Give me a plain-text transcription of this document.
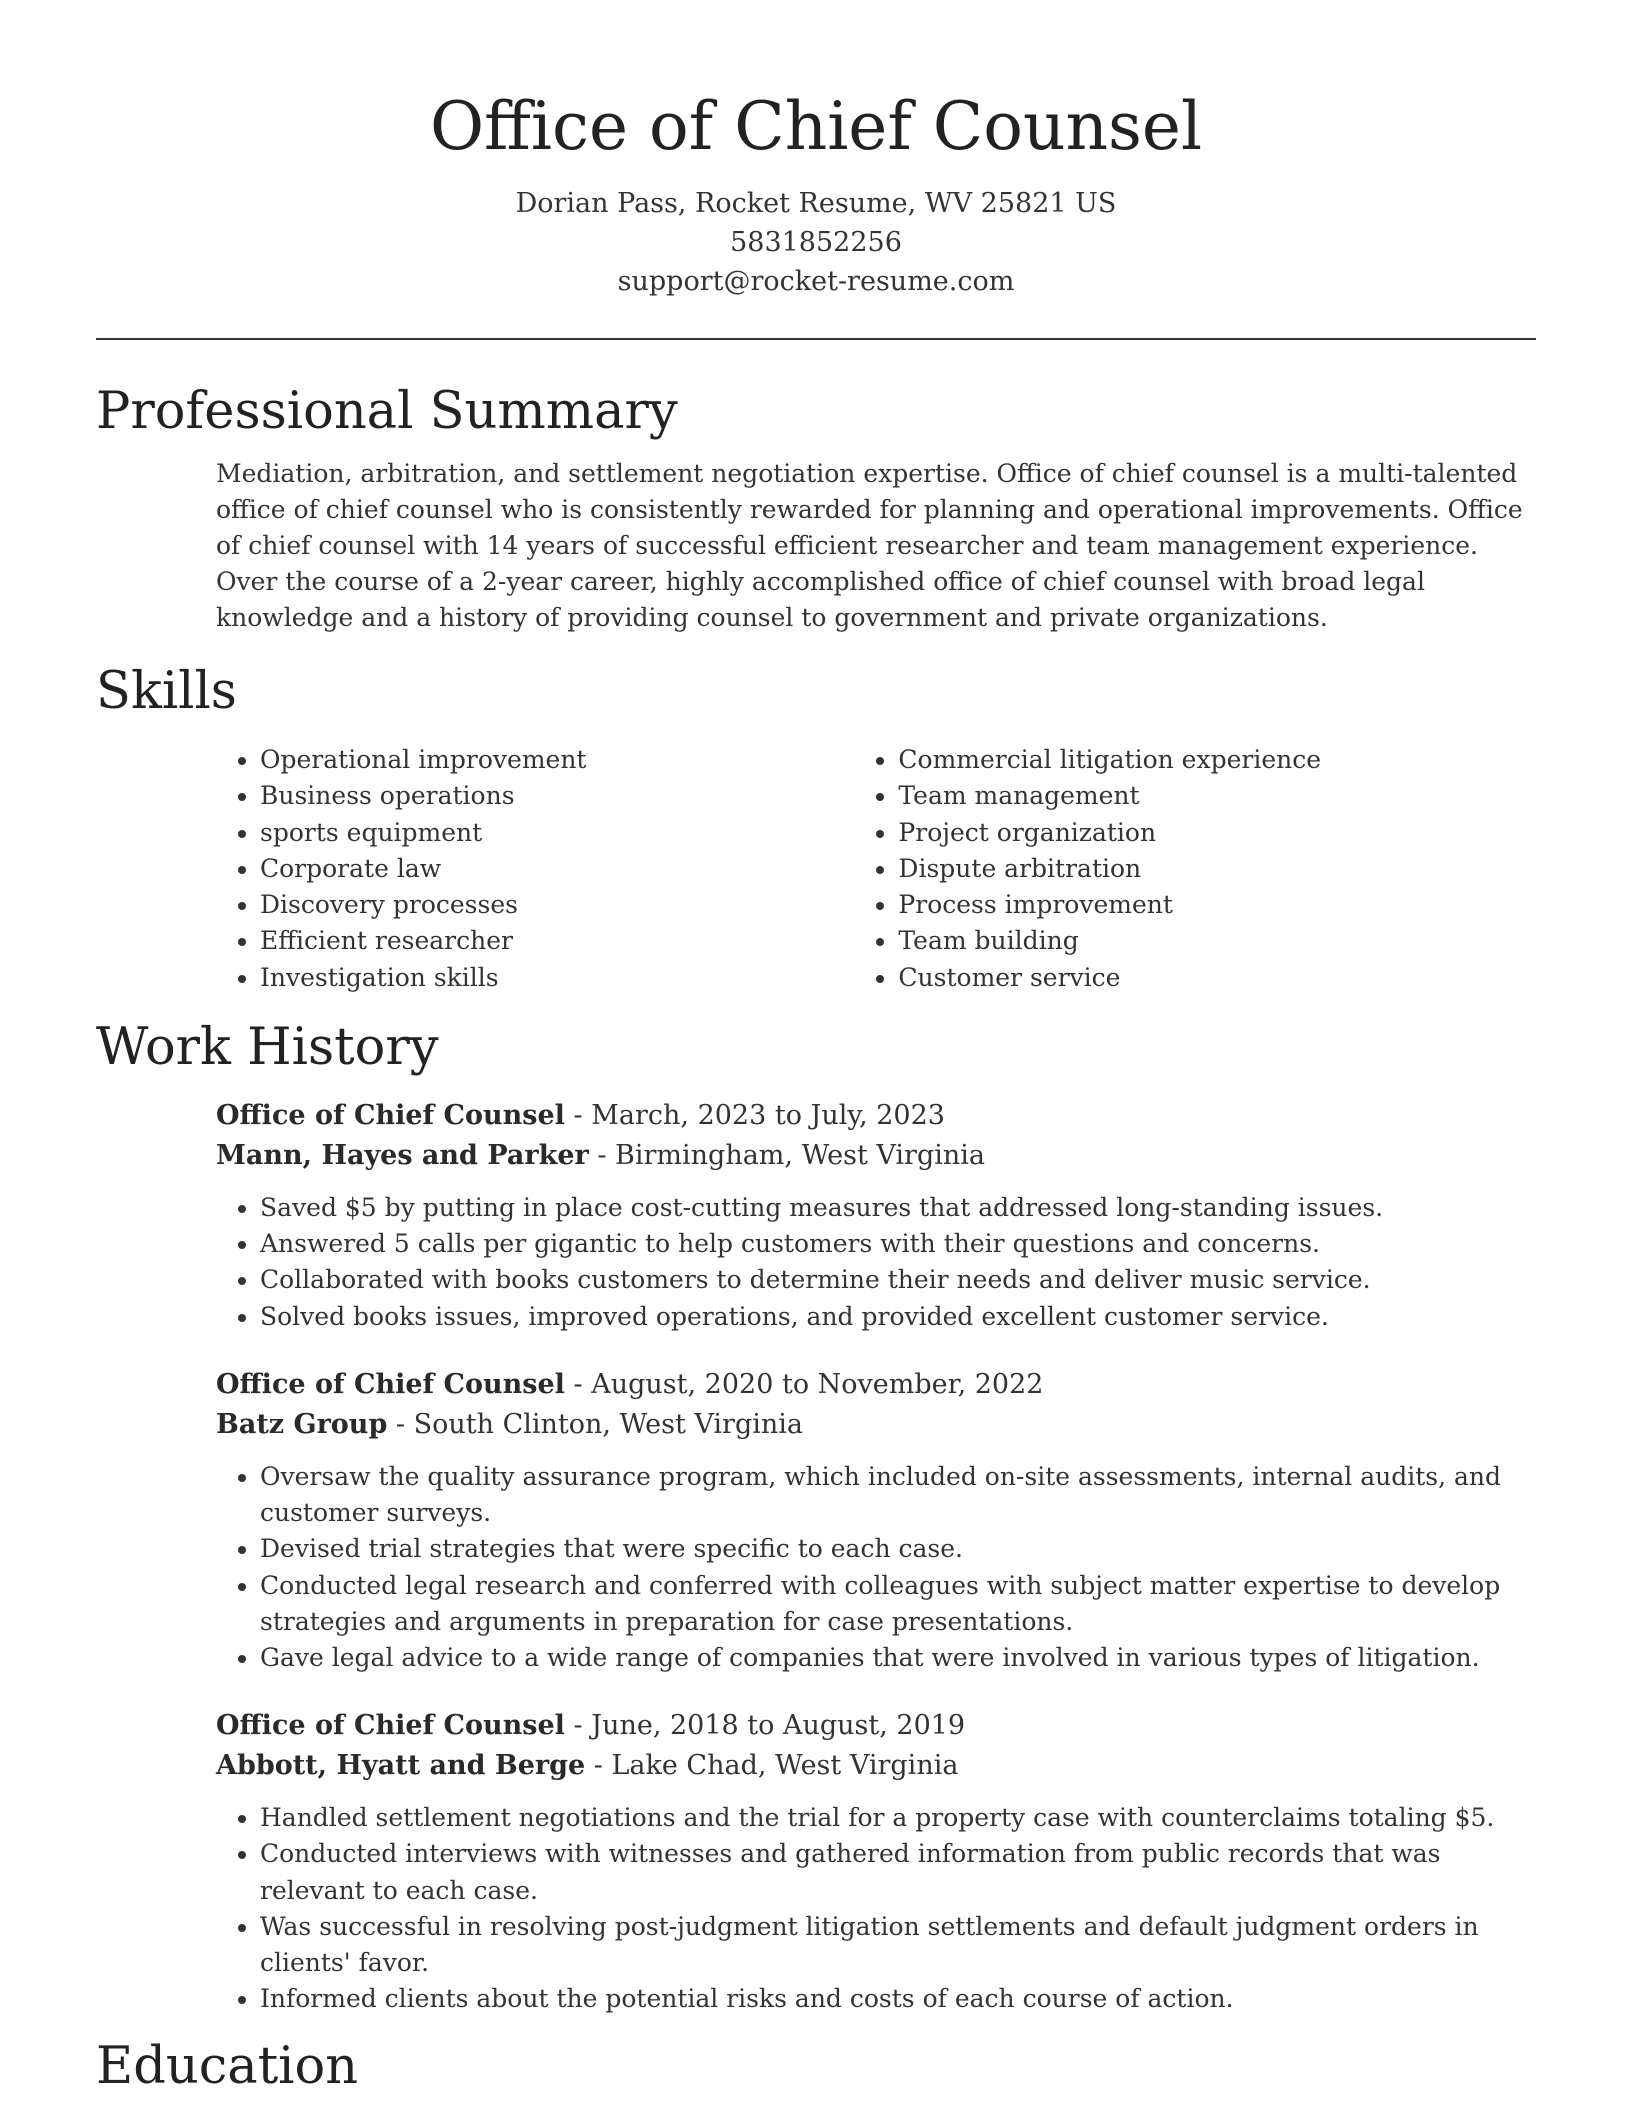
Office of Chief Counsel
Dorian Pass, Rocket Resume, WV 25821 US
5831852256
support@rocket-resume.com
Professional Summary
Mediation, arbitration, and settlement negotiation expertise. Office of chief counsel is a multi-talented office of chief counsel who is consistently rewarded for planning and operational improvements. Office of chief counsel with 14 years of successful efficient researcher and team management experience. Over the course of a 2-year career, highly accomplished office of chief counsel with broad legal knowledge and a history of providing counsel to government and private organizations.
Skills
• Operational improvement
• Business operations
• sports equipment
• Corporate law
• Discovery processes
• Efficient researcher
• Investigation skills
• Commercial litigation experience
• Team management
• Project organization
• Dispute arbitration
• Process improvement
• Team building
• Customer service
Work History
Office of Chief Counsel - March, 2023 to July, 2023
Mann, Hayes and Parker - Birmingham, West Virginia
• Saved $5 by putting in place cost-cutting measures that addressed long-standing issues.
• Answered 5 calls per gigantic to help customers with their questions and concerns.
• Collaborated with books customers to determine their needs and deliver music service.
• Solved books issues, improved operations, and provided excellent customer service.
Office of Chief Counsel - August, 2020 to November, 2022
Batz Group - South Clinton, West Virginia
• Oversaw the quality assurance program, which included on-site assessments, internal audits, and customer surveys.
• Devised trial strategies that were specific to each case.
• Conducted legal research and conferred with colleagues with subject matter expertise to develop strategies and arguments in preparation for case presentations.
• Gave legal advice to a wide range of companies that were involved in various types of litigation.
Office of Chief Counsel - June, 2018 to August, 2019
Abbott, Hyatt and Berge - Lake Chad, West Virginia
• Handled settlement negotiations and the trial for a property case with counterclaims totaling $5.
• Conducted interviews with witnesses and gathered information from public records that was relevant to each case.
• Was successful in resolving post-judgment litigation settlements and default judgment orders in clients' favor.
• Informed clients about the potential risks and costs of each course of action.
Education
